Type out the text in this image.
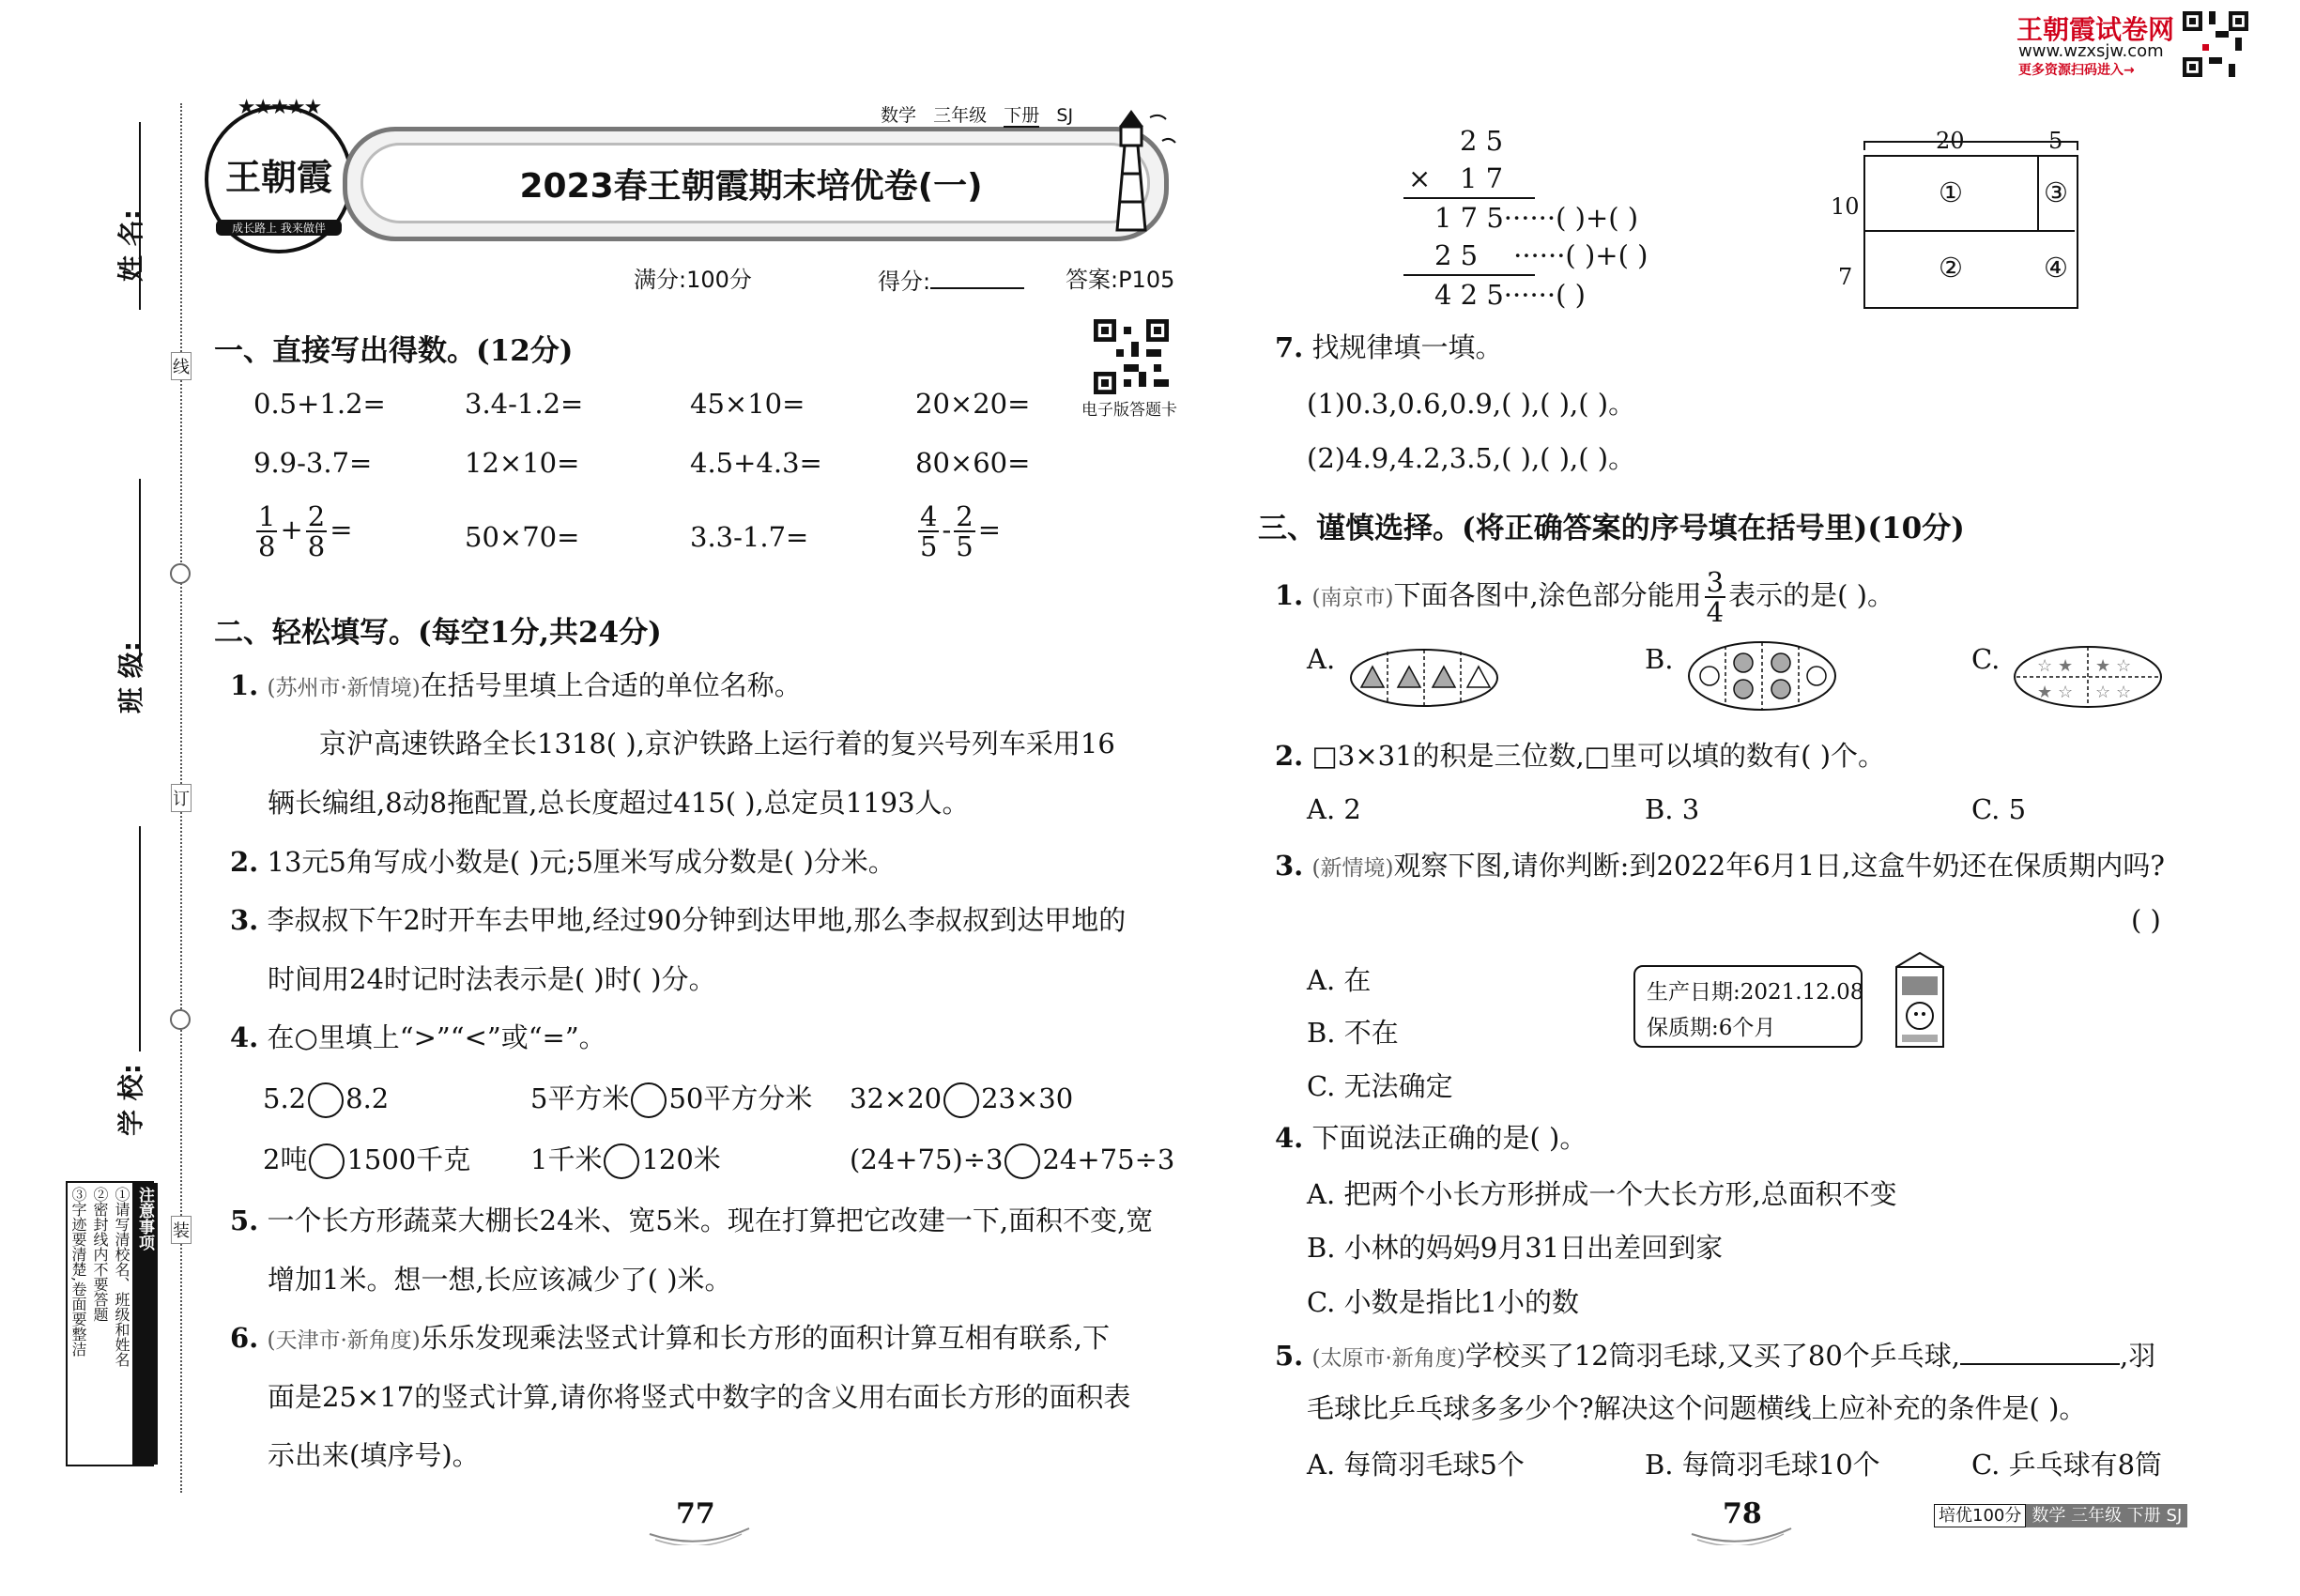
姓 名:
班 级:
学 校:
线
订
装
注意事项
①请写清校名、班级和姓名
②密封线内不要答题
③字迹要清楚,卷面要整洁
★★★★★
王朝霞
成长路上 我来做伴
2023春王朝霞期末培优卷(一)
数学 三年级 下册 SJ
满分:100分	得分:	答案:P105
电子版答题卡
一、直接写出得数。(12分)
0.5+1.2=	3.4-1.2=	45×10=	20×20=
9.9-3.7=	12×10=	4.5+4.3=	80×60=
$\frac{1}{8} + \frac{2}{8}$ =	50×70=	3.3-1.7=	$\frac{4}{5} - \frac{2}{5}$ =
二、轻松填写。(每空1分,共24分)
1. (苏州市·新情境)在括号里填上合适的单位名称。
京沪高速铁路全长1318( ),京沪铁路上运行着的复兴号列车采用16
辆长编组,8动8拖配置,总长度超过415( ),总定员1193人。
2. 13元5角写成小数是( )元;5厘米写成分数是( )分米。
3. 李叔叔下午2时开车去甲地,经过90分钟到达甲地,那么李叔叔到达甲地的
时间用24时记时法表示是( )时( )分。
4. 在○里填上“>”“<”或“=”。
5.2 8.2	5平方米 50平方分米 32×20 23×30
2吨 1500千克 1千米 120米	(24+75)÷3 24+75÷3
5. 一个长方形蔬菜大棚长24米、宽5米。现在打算把它改建一下,面积不变,宽
增加1米。想一想,长应该减少了( )米。
6. (天津市·新角度)乐乐发现乘法竖式计算和长方形的面积计算互相有联系,下
面是25×17的竖式计算,请你将竖式中数字的含义用右面长方形的面积表
示出来(填序号)。
77
王朝霞试卷网
www.wzxsjw.com
更多资源扫码进入→
2 5
× 1 7
1 7 5······( )+( )
2 5 ······( )+( )
4 2 5······( )
①
②
③
④
20	5
10
7
7. 找规律填一填。
(1)0.3,0.6,0.9,( ),( ),( )。
(2)4.9,4.2,3.5,( ),( ),( )。
三、谨慎选择。(将正确答案的序号填在括号里)(10分)
1. (南京市)下面各图中,涂色部分能用 $\frac{3}{4}$ 表示的是( )。
A.	B.	C. ☆ ★ ★ ☆
★ ☆ ☆ ☆
2. □3×31的积是三位数,□里可以填的数有( )个。
A. 2	B. 3	C. 5
3. (新情境)观察下图,请你判断:到2022年6月1日,这盒牛奶还在保质期内吗?
( )
A. 在
B. 不在
C. 无法确定
生产日期:2021.12.08
保质期:6个月
4. 下面说法正确的是( )。
A. 把两个小长方形拼成一个大长方形,总面积不变
B. 小林的妈妈9月31日出差回到家
C. 小数是指比1小的数
5. (太原市·新角度)学校买了12筒羽毛球,又买了80个乒乓球,	,羽
毛球比乒乓球多多少个?解决这个问题横线上应补充的条件是( )。
A. 每筒羽毛球5个	B. 每筒羽毛球10个	C. 乒乓球有8筒
78	培优100分 数学 三年级 下册 SJ
